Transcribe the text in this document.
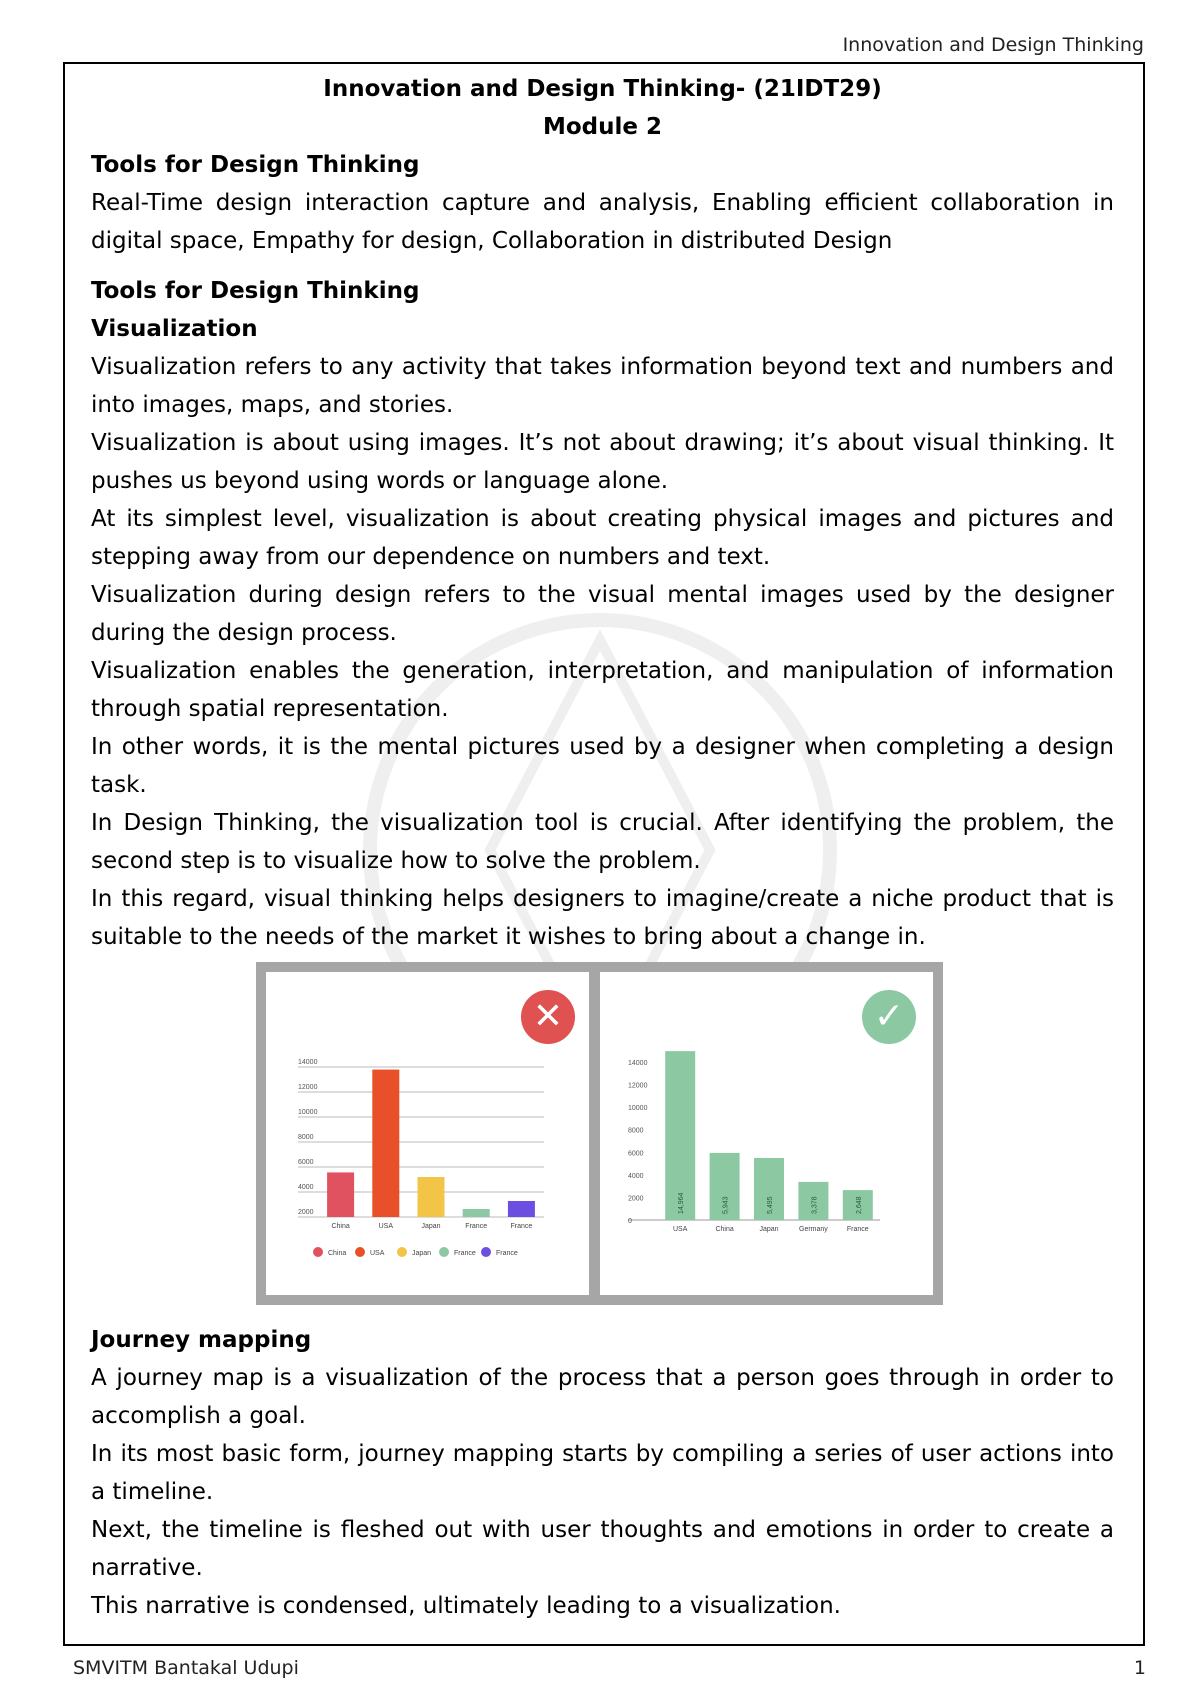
Innovation and Design Thinking
Innovation and Design Thinking- (21IDT29)
Module 2
Tools for Design Thinking
Real-Time design interaction capture and analysis, Enabling efficient collaboration in digital space, Empathy for design, Collaboration in distributed Design
Tools for Design Thinking
Visualization
Visualization refers to any activity that takes information beyond text and numbers and into images, maps, and stories.
Visualization is about using images. It’s not about drawing; it’s about visual thinking. It pushes us beyond using words or language alone.
At its simplest level, visualization is about creating physical images and pictures and stepping away from our dependence on numbers and text.
Visualization during design refers to the visual mental images used by the designer during the design process.
Visualization enables the generation, interpretation, and manipulation of information through spatial representation.
In other words, it is the mental pictures used by a designer when completing a design task.
In Design Thinking, the visualization tool is crucial. After identifying the problem, the second step is to visualize how to solve the problem.
In this regard, visual thinking helps designers to imagine/create a niche product that is suitable to the needs of the market it wishes to bring about a change in.
✕
14000
12000
10000
8000
6000
4000
2000
China	USA	Japan	France	France
China	USA	Japan	France	France
✓
14000
12000
10000
8000
6000
4000
2000
0
14,964
USA
5,943
China
5,495
Japan
3,378
Germany
2,648
France
Journey mapping
A journey map is a visualization of the process that a person goes through in order to accomplish a goal.
In its most basic form, journey mapping starts by compiling a series of user actions into a timeline.
Next, the timeline is fleshed out with user thoughts and emotions in order to create a narrative.
This narrative is condensed, ultimately leading to a visualization.
SMVITM Bantakal Udupi	1
